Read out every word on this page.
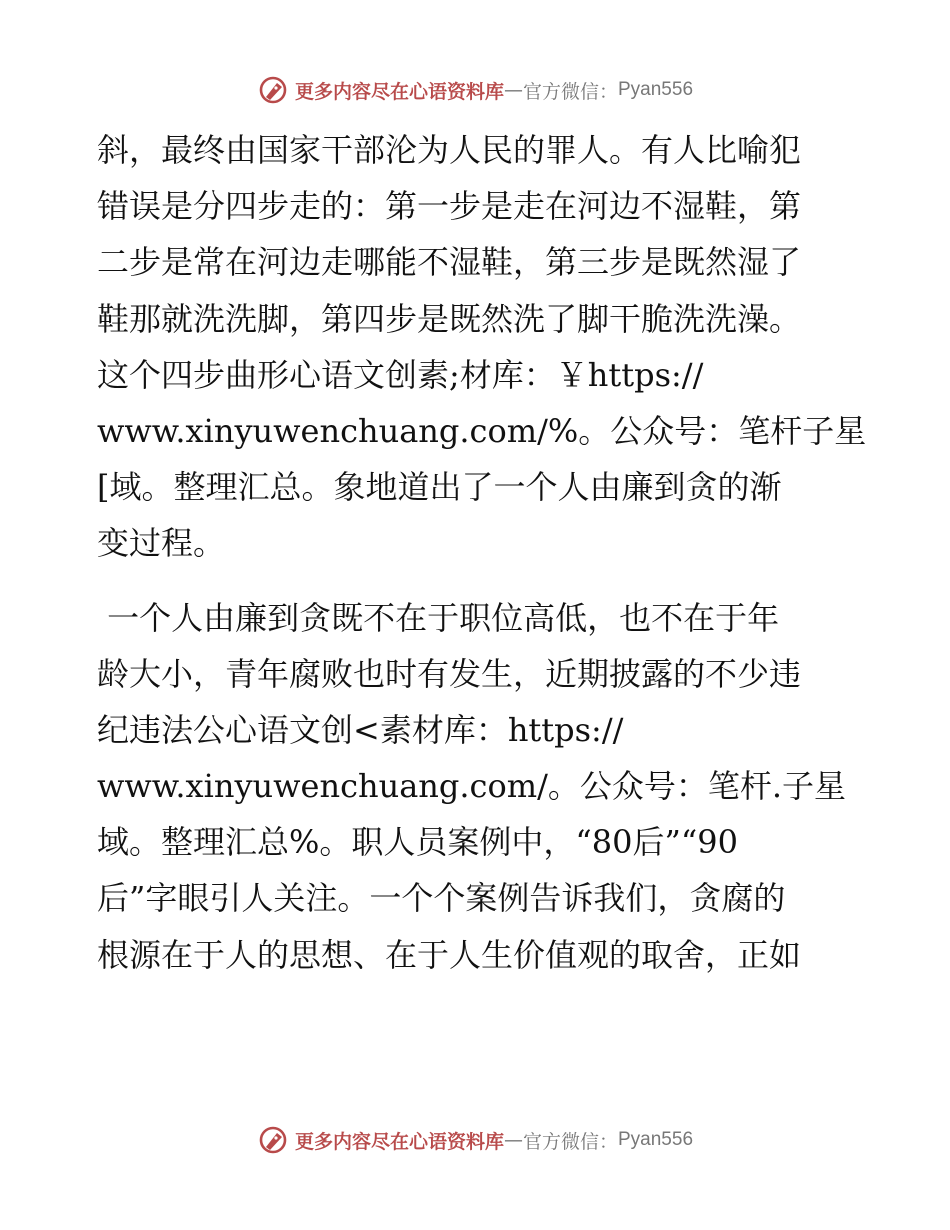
更多内容尽在心语资料库 — 官方微信： Pyan556

斜，最终由国家干部沦为人民的罪人。有人比喻犯
错误是分四步走的：第一步是走在河边不湿鞋，第
二步是常在河边走哪能不湿鞋，第三步是既然湿了
鞋那就洗洗脚，第四步是既然洗了脚干脆洗洗澡。
这个四步曲形心语文创素;材库：￥https://
www.xinyuwenchuang.com/%。公众号：笔杆子星
[域。整理汇总。象地道出了一个人由廉到贪的渐
变过程。

一个人由廉到贪既不在于职位高低，也不在于年
龄大小，青年腐败也时有发生，近期披露的不少违
纪违法公心语文创<素材库：https://
www.xinyuwenchuang.com/。公众号：笔杆.子星
域。整理汇总%。职人员案例中，“80后”“90
后”字眼引人关注。一个个案例告诉我们，贪腐的
根源在于人的思想、在于人生价值观的取舍，正如

更多内容尽在心语资料库 — 官方微信： Pyan556
